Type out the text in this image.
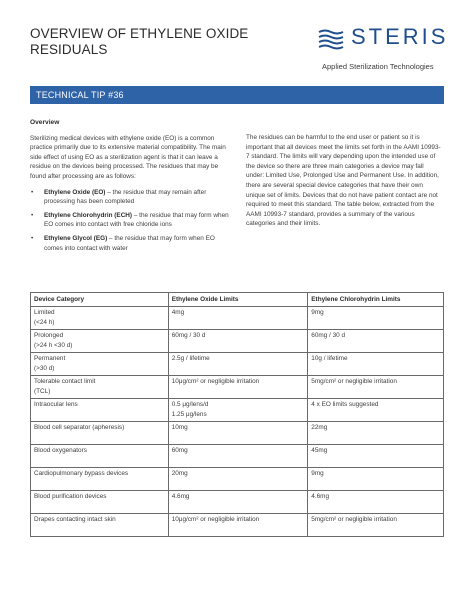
OVERVIEW OF ETHYLENE OXIDE RESIDUALS
STERIS
Applied Sterilization Technologies
TECHNICAL TIP #36

Overview

Sterilizing medical devices with ethylene oxide (EO) is a common practice primarily due to its extensive material compatibility. The main side effect of using EO as a sterilization agent is that it can leave a residue on the devices being processed. The residues that may be found after processing are as follows:

• Ethylene Oxide (EO) – the residue that may remain after processing has been completed
• Ethylene Chlorohydrin (ECH) – the residue that may form when EO comes into contact with free chloride ions
• Ethylene Glycol (EG) – the residue that may form when EO comes into contact with water

The residues can be harmful to the end user or patient so it is important that all devices meet the limits set forth in the AAMI 10993-7 standard. The limits will vary depending upon the intended use of the device so there are three main categories a device may fall under: Limited Use, Prolonged Use and Permanent Use. In addition, there are several special device categories that have their own unique set of limits. Devices that do not have patient contact are not required to meet this standard. The table below, extracted from the AAMI 10993-7 standard, provides a summary of the various categories and their limits.

Device Category	Ethylene Oxide Limits	Ethylene Chlorohydrin Limits

Limited
(<24 h)	4mg	9mg

Prolonged
(>24 h <30 d)	60mg / 30 d	60mg / 30 d

Permanent
(>30 d)	2.5g / lifetime	10g / lifetime

Tolerable contact limit
(TCL)	10μg/cm² or negligible irritation	5mg/cm² or negligible irritation

Intraocular lens	0.5 μg/lens/d
1.25 μg/lens	4 x EO limits suggested

Blood cell separator (apheresis)	10mg	22mg

Blood oxygenators	60mg	45mg

Cardiopulmonary bypass devices	20mg	9mg

Blood purification devices	4.6mg	4.6mg

Drapes contacting intact skin	10μg/cm² or negligible irritation	5mg/cm² or negligible irritation
